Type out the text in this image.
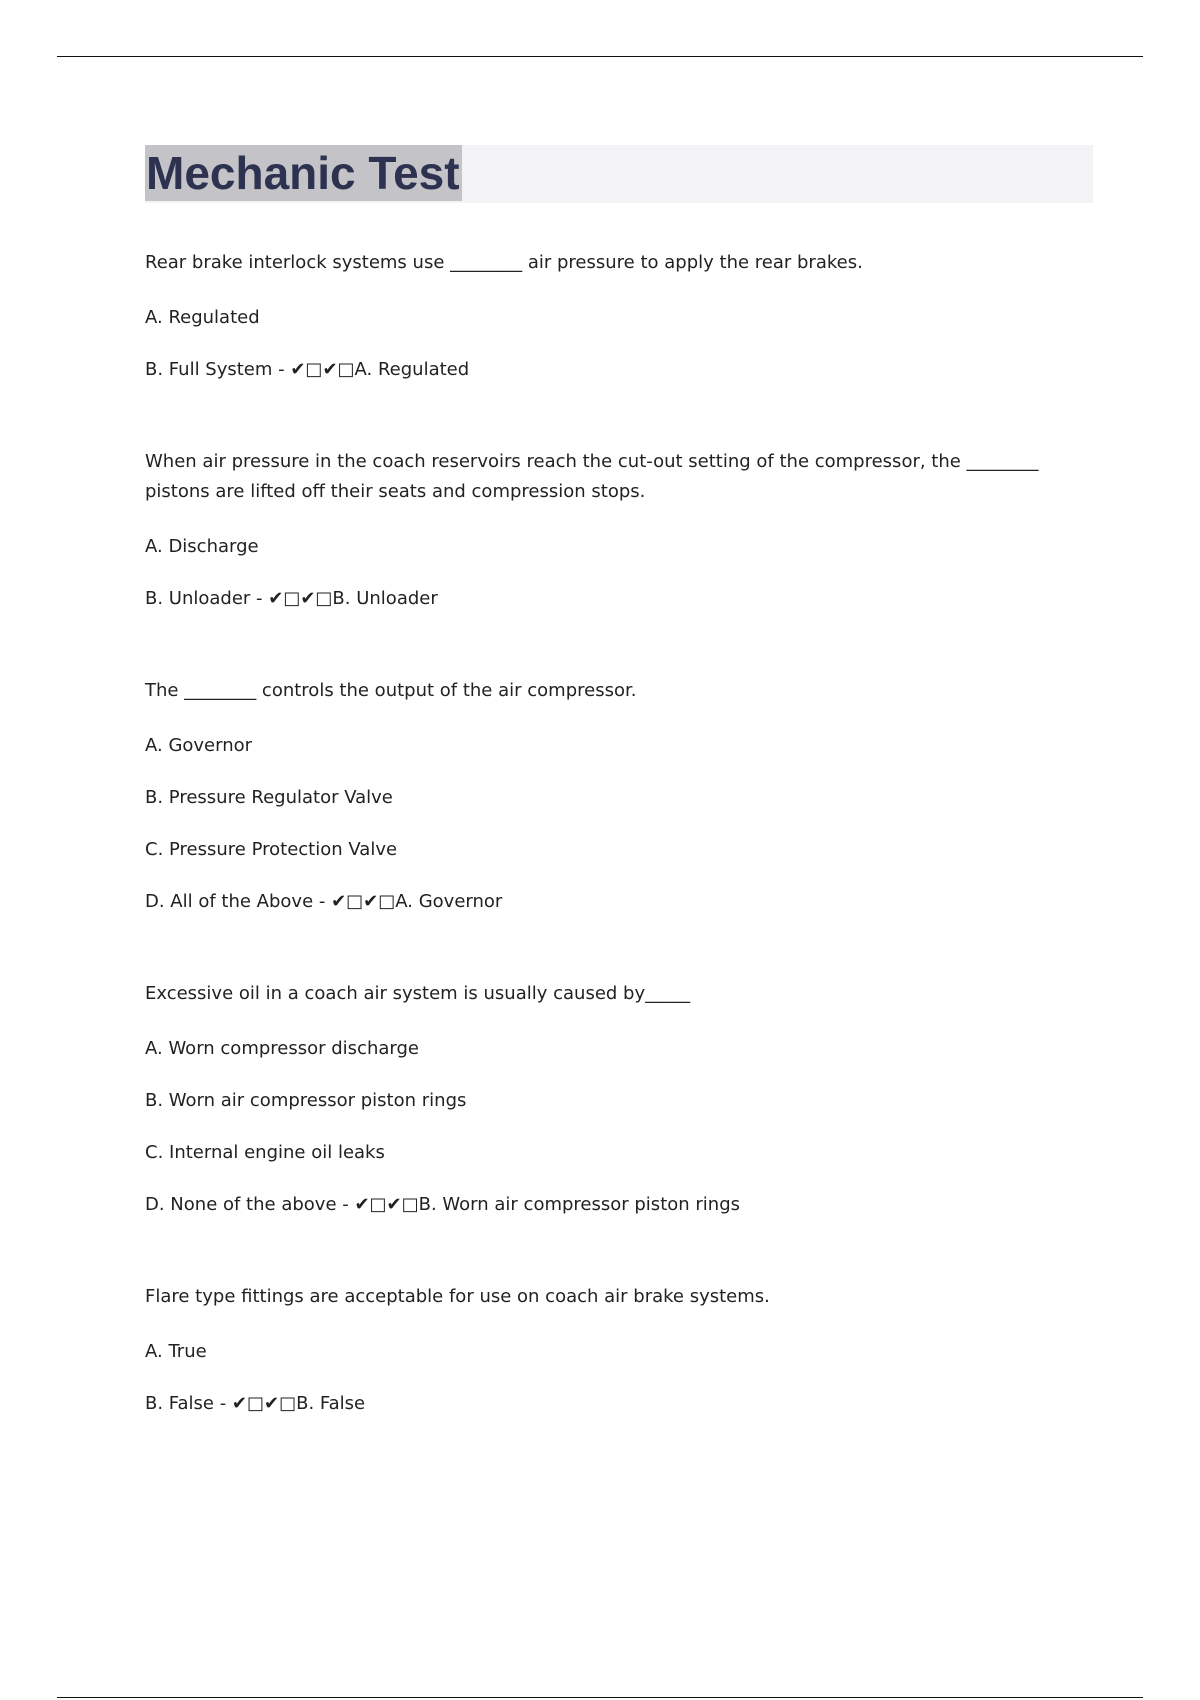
Mechanic Test

Rear brake interlock systems use ________ air pressure to apply the rear brakes.

A. Regulated

B. Full System - ✔□✔□A. Regulated

When air pressure in the coach reservoirs reach the cut-out setting of the compressor, the ________ pistons are lifted off their seats and compression stops.

A. Discharge

B. Unloader - ✔□✔□B. Unloader

The ________ controls the output of the air compressor.

A. Governor

B. Pressure Regulator Valve

C. Pressure Protection Valve

D. All of the Above - ✔□✔□A. Governor

Excessive oil in a coach air system is usually caused by_____

A. Worn compressor discharge

B. Worn air compressor piston rings

C. Internal engine oil leaks

D. None of the above - ✔□✔□B. Worn air compressor piston rings

Flare type fittings are acceptable for use on coach air brake systems.

A. True

B. False - ✔□✔□B. False
